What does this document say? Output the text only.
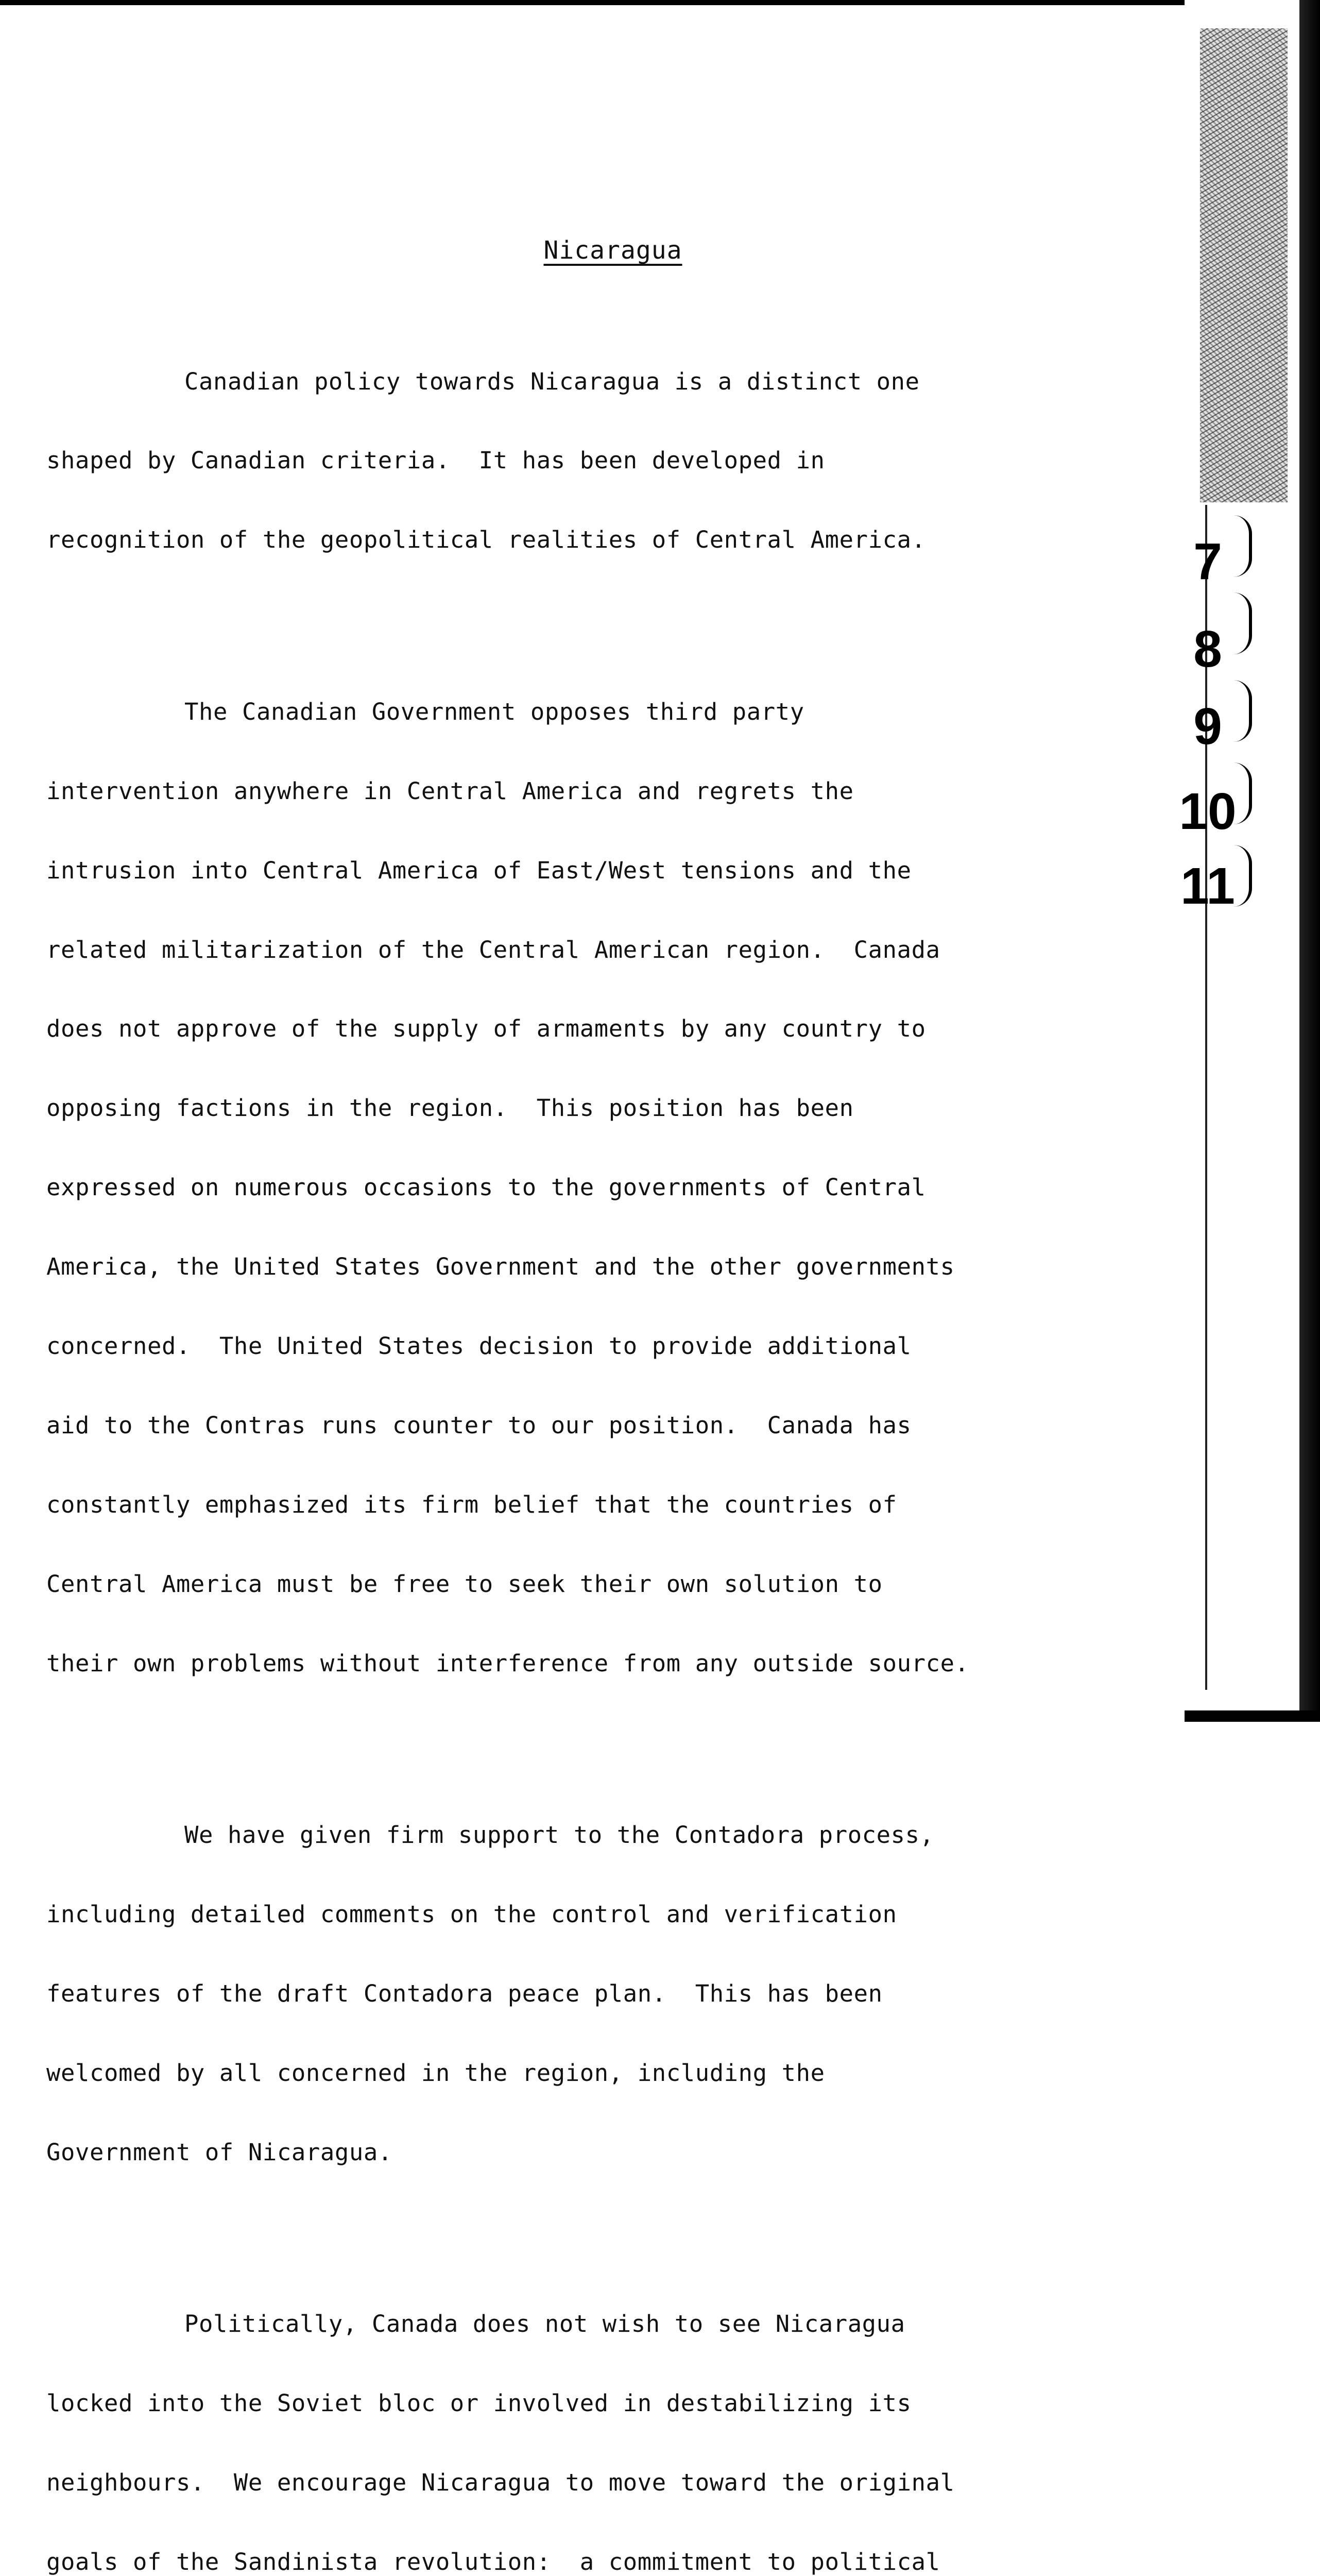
Nicaragua

Canadian policy towards Nicaragua is a distinct one

shaped by Canadian criteria.  It has been developed in

recognition of the geopolitical realities of Central America.

The Canadian Government opposes third party

intervention anywhere in Central America and regrets the

intrusion into Central America of East/West tensions and the

related militarization of the Central American region.  Canada

does not approve of the supply of armaments by any country to

opposing factions in the region.  This position has been

expressed on numerous occasions to the governments of Central

America, the United States Government and the other governments

concerned.  The United States decision to provide additional

aid to the Contras runs counter to our position.  Canada has

constantly emphasized its firm belief that the countries of

Central America must be free to seek their own solution to

their own problems without interference from any outside source.

We have given firm support to the Contadora process,

including detailed comments on the control and verification

features of the draft Contadora peace plan.  This has been

welcomed by all concerned in the region, including the

Government of Nicaragua.

Politically, Canada does not wish to see Nicaragua

locked into the Soviet bloc or involved in destabilizing its

neighbours.  We encourage Nicaragua to move toward the original

goals of the Sandinista revolution:  a commitment to political

7
8
9
10
11
